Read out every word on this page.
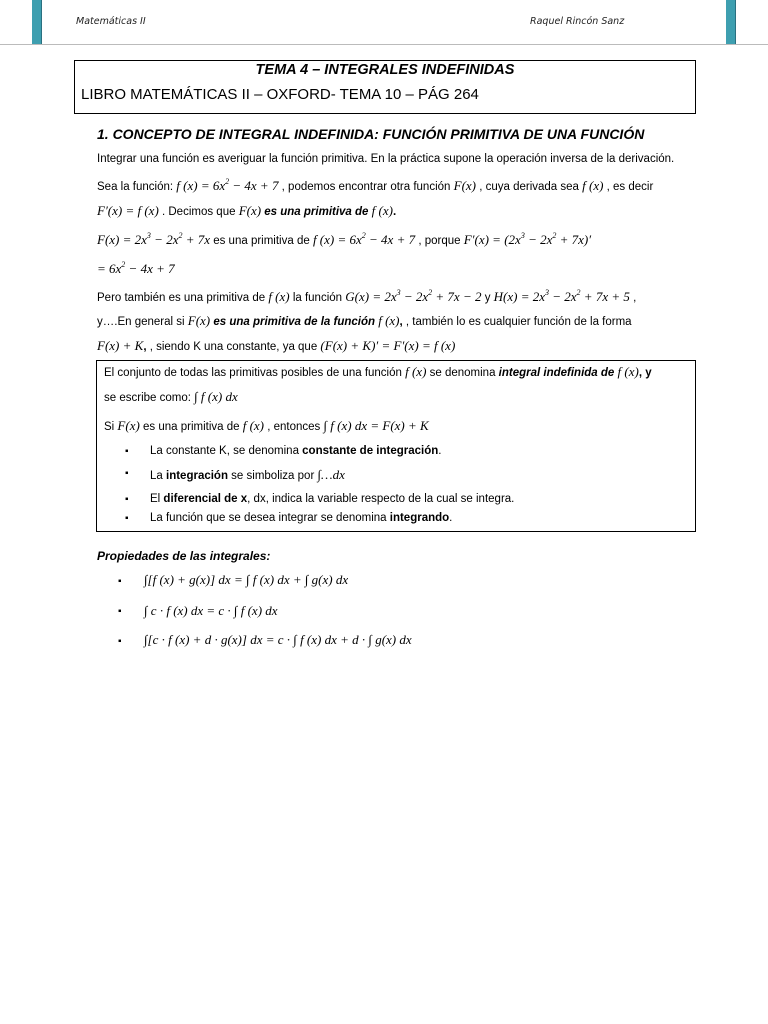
Matemáticas II	Raquel Rincón Sanz
TEMA 4 – INTEGRALES INDEFINIDAS
LIBRO MATEMÁTICAS II – OXFORD- TEMA 10 – PÁG 264
1. CONCEPTO DE INTEGRAL INDEFINIDA: FUNCIÓN PRIMITIVA DE UNA FUNCIÓN
Integrar una función es averiguar la función primitiva. En la práctica supone la operación inversa de la derivación.
Sea la función: f $(x) = 6x^2 - 4x + 7$ , podemos encontrar otra función F(x) , cuya derivada sea f (x) , es decir
F′(x) = f (x) . Decimos que F(x) es una primitiva de f (x).
$F(x) = 2x^3 - 2x^2 + 7x$ es una primitiva de f $(x) = 6x^2 - 4x + 7$ , porque $F'(x) = (2x^3 - 2x^2 + 7x)'$
= $6x^2 - 4x + 7$
Pero también es una primitiva de f (x) la función $G(x) = 2x^3 - 2x^2 + 7x - 2$ y $H(x) = 2x^3 - 2x^2 + 7x + 5$ ,
y….En general si F(x) es una primitiva de la función f (x), , también lo es cualquier función de la forma
F(x) + K, , siendo K una constante, ya que (F(x) + K)′ = F′(x) = f (x)
El conjunto de todas las primitivas posibles de una función f (x) se denomina integral indefinida de f (x), y
se escribe como: ∫ f (x) dx
Si F(x) es una primitiva de f (x) , entonces ∫ f (x) dx = F(x) + K
▪ La constante K, se denomina constante de integración.
▪ La integración se simboliza por ∫…dx
▪ El diferencial de x, dx, indica la variable respecto de la cual se integra.
▪ La función que se desea integrar se denomina integrando.
Propiedades de las integrales:
▪ ∫[f (x) + g(x)] dx = ∫ f (x) dx + ∫ g(x) dx
▪ ∫ c · f (x) dx = c · ∫ f (x) dx
▪ ∫[c · f (x) + d · g(x)] dx = c · ∫ f (x) dx + d · ∫ g(x) dx
